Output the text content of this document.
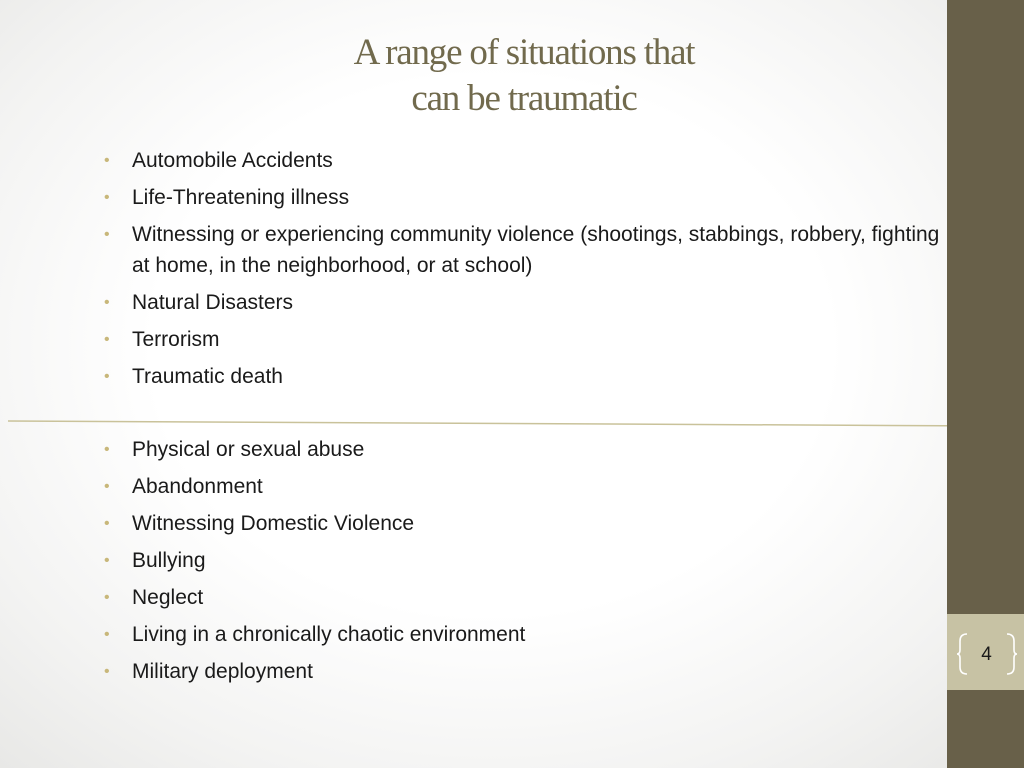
A range of situations that
can be traumatic
• Automobile Accidents
• Life-Threatening illness
• Witnessing or experiencing community violence (shootings, stabbings, robbery, fighting at home, in the neighborhood, or at school)
• Natural Disasters
• Terrorism
• Traumatic death
• Physical or sexual abuse
• Abandonment
• Witnessing Domestic Violence
• Bullying
• Neglect
• Living in a chronically chaotic environment
• Military deployment
4
